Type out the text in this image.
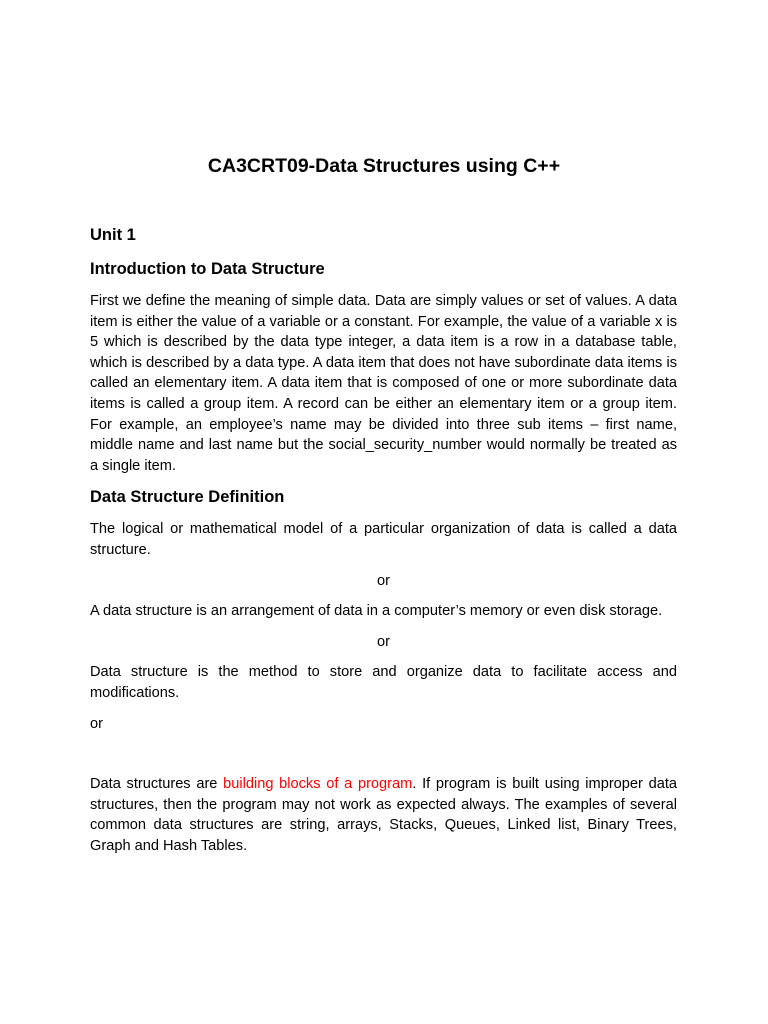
CA3CRT09-Data Structures using C++

Unit 1

Introduction to Data Structure

First we define the meaning of simple data. Data are simply values or set of values. A data item is either the value of a variable or a constant. For example, the value of a variable x is 5 which is described by the data type integer, a data item is a row in a database table, which is described by a data type. A data item that does not have subordinate data items is called an elementary item. A data item that is composed of one or more subordinate data items is called a group item. A record can be either an elementary item or a group item. For example, an employee’s name may be divided into three sub items – first name, middle name and last name but the social_security_number would normally be treated as a single item.

Data Structure Definition

The logical or mathematical model of a particular organization of data is called a data structure.

or

A data structure is an arrangement of data in a computer’s memory or even disk storage.

or

Data structure is the method to store and organize data to facilitate access and modifications.

or

Data structures are building blocks of a program. If program is built using improper data structures, then the program may not work as expected always. The examples of several common data structures are string, arrays, Stacks, Queues, Linked list, Binary Trees, Graph and Hash Tables.
